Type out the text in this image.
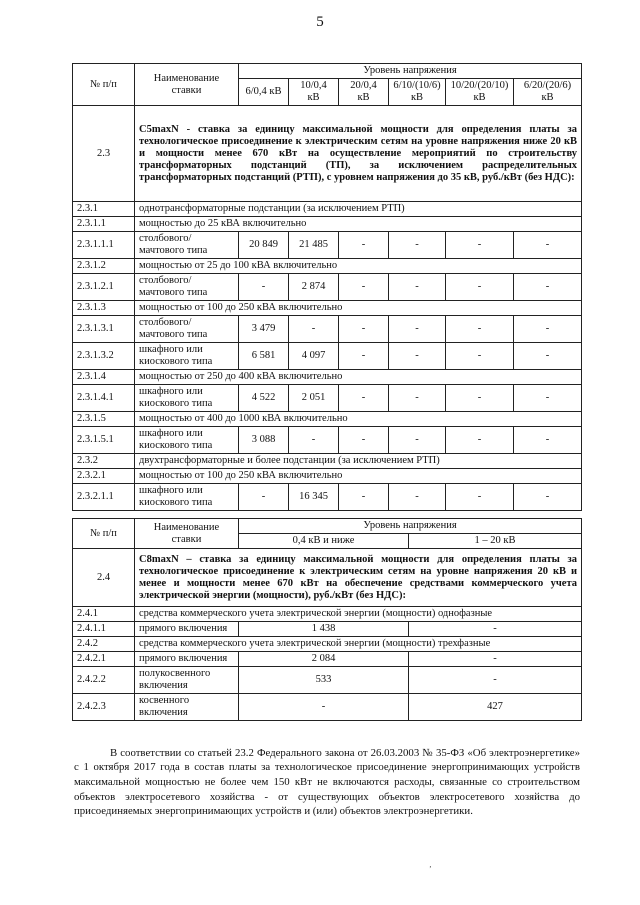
5
№ п/п	Наименование ставки	Уровень напряжения					
		6/0,4 кВ	10/0,4 кВ	20/0,4 кВ	6/10/(10/6) кВ	10/20/(20/10) кВ	6/20/(20/6) кВ
2.3	C5maxN - ставка за единицу максимальной мощности для определения платы за технологическое присоединение к электрическим сетям на уровне напряжения ниже 20 кВ и мощности менее 670 кВт на осуществление мероприятий по строительству трансформаторных подстанций (ТП), за исключением распределительных трансформаторных подстанций (РТП), с уровнем напряжения до 35 кВ, руб./кВт (без НДС):						
2.3.1	однотрансформаторные подстанции (за исключением РТП)						
2.3.1.1	мощностью до 25 кВА включительно						
2.3.1.1.1	столбового/ мачтового типа	20 849	21 485	-	-	-	-
2.3.1.2	мощностью от 25 до 100 кВА включительно						
2.3.1.2.1	столбового/ мачтового типа	-	2 874	-	-	-	-
2.3.1.3	мощностью от 100 до 250 кВА включительно						
2.3.1.3.1	столбового/ мачтового типа	3 479	-	-	-	-	-
2.3.1.3.2	шкафного или киоскового типа	6 581	4 097	-	-	-	-
2.3.1.4	мощностью от 250 до 400 кВА включительно						
2.3.1.4.1	шкафного или киоскового типа	4 522	2 051	-	-	-	-
2.3.1.5	мощностью от 400 до 1000 кВА включительно						
2.3.1.5.1	шкафного или киоскового типа	3 088	-	-	-	-	-
2.3.2	двухтрансформаторные и более подстанции (за исключением РТП)						
2.3.2.1	мощностью от 100 до 250 кВА включительно						
2.3.2.1.1	шкафного или киоскового типа	-	16 345	-	-	-	-
№ п/п	Наименование ставки	Уровень напряжения	
		0,4 кВ и ниже	1 – 20 кВ
2.4	C8maxN – ставка за единицу максимальной мощности для определения платы за технологическое присоединение к электрическим сетям на уровне напряжения 20 кВ и менее и мощности менее 670 кВт на обеспечение средствами коммерческого учета электрической энергии (мощности), руб./кВт (без НДС):		
2.4.1	средства коммерческого учета электрической энергии (мощности) однофазные		
2.4.1.1	прямого включения	1 438	-
2.4.2	средства коммерческого учета электрической энергии (мощности) трехфазные		
2.4.2.1	прямого включения	2 084	-
2.4.2.2	полукосвенного включения	533	-
2.4.2.3	косвенного включения	-	427

В соответствии со статьей 23.2 Федерального закона от 26.03.2003 № 35-ФЗ «Об электроэнергетике» с 1 октября 2017 года в состав платы за технологическое присоединение энергопринимающих устройств максимальной мощностью не более чем 150 кВт не включаются расходы, связанные со строительством объектов электросетевого хозяйства - от существующих объектов электросетевого хозяйства до присоединяемых энергопринимающих устройств и (или) объектов электроэнергетики.

‚
